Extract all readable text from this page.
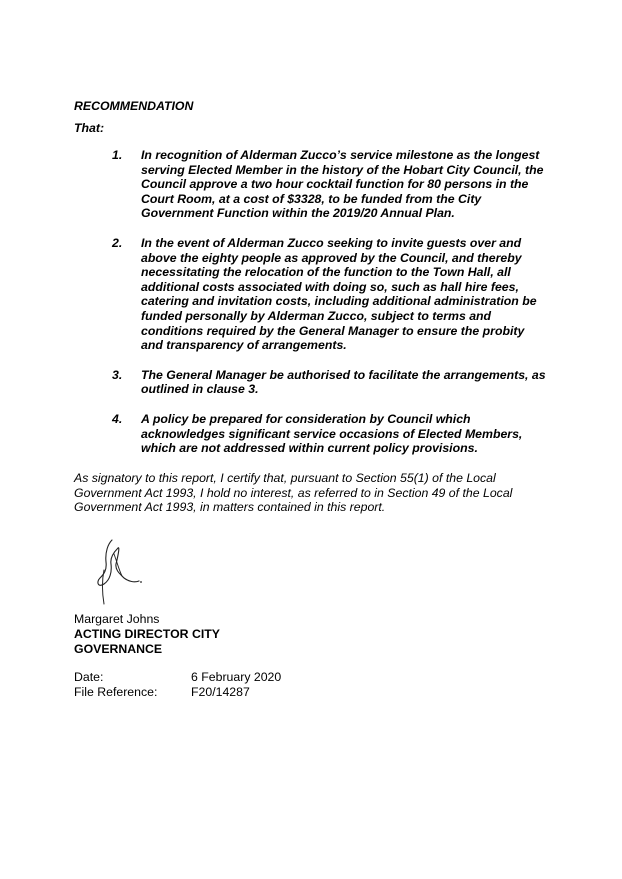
RECOMMENDATION

That:

1. In recognition of Alderman Zucco’s service milestone as the longest serving Elected Member in the history of the Hobart City Council, the Council approve a two hour cocktail function for 80 persons in the Court Room, at a cost of $3328, to be funded from the City Government Function within the 2019/20 Annual Plan.
2. In the event of Alderman Zucco seeking to invite guests over and above the eighty people as approved by the Council, and thereby necessitating the relocation of the function to the Town Hall, all additional costs associated with doing so, such as hall hire fees, catering and invitation costs, including additional administration be funded personally by Alderman Zucco, subject to terms and conditions required by the General Manager to ensure the probity and transparency of arrangements.
3. The General Manager be authorised to facilitate the arrangements, as outlined in clause 3.
4. A policy be prepared for consideration by Council which acknowledges significant service occasions of Elected Members, which are not addressed within current policy provisions.

As signatory to this report, I certify that, pursuant to Section 55(1) of the Local Government Act 1993, I hold no interest, as referred to in Section 49 of the Local Government Act 1993, in matters contained in this report.

Margaret Johns

ACTING DIRECTOR CITY GOVERNANCE

Date:	6 February 2020
File Reference:	F20/14287
